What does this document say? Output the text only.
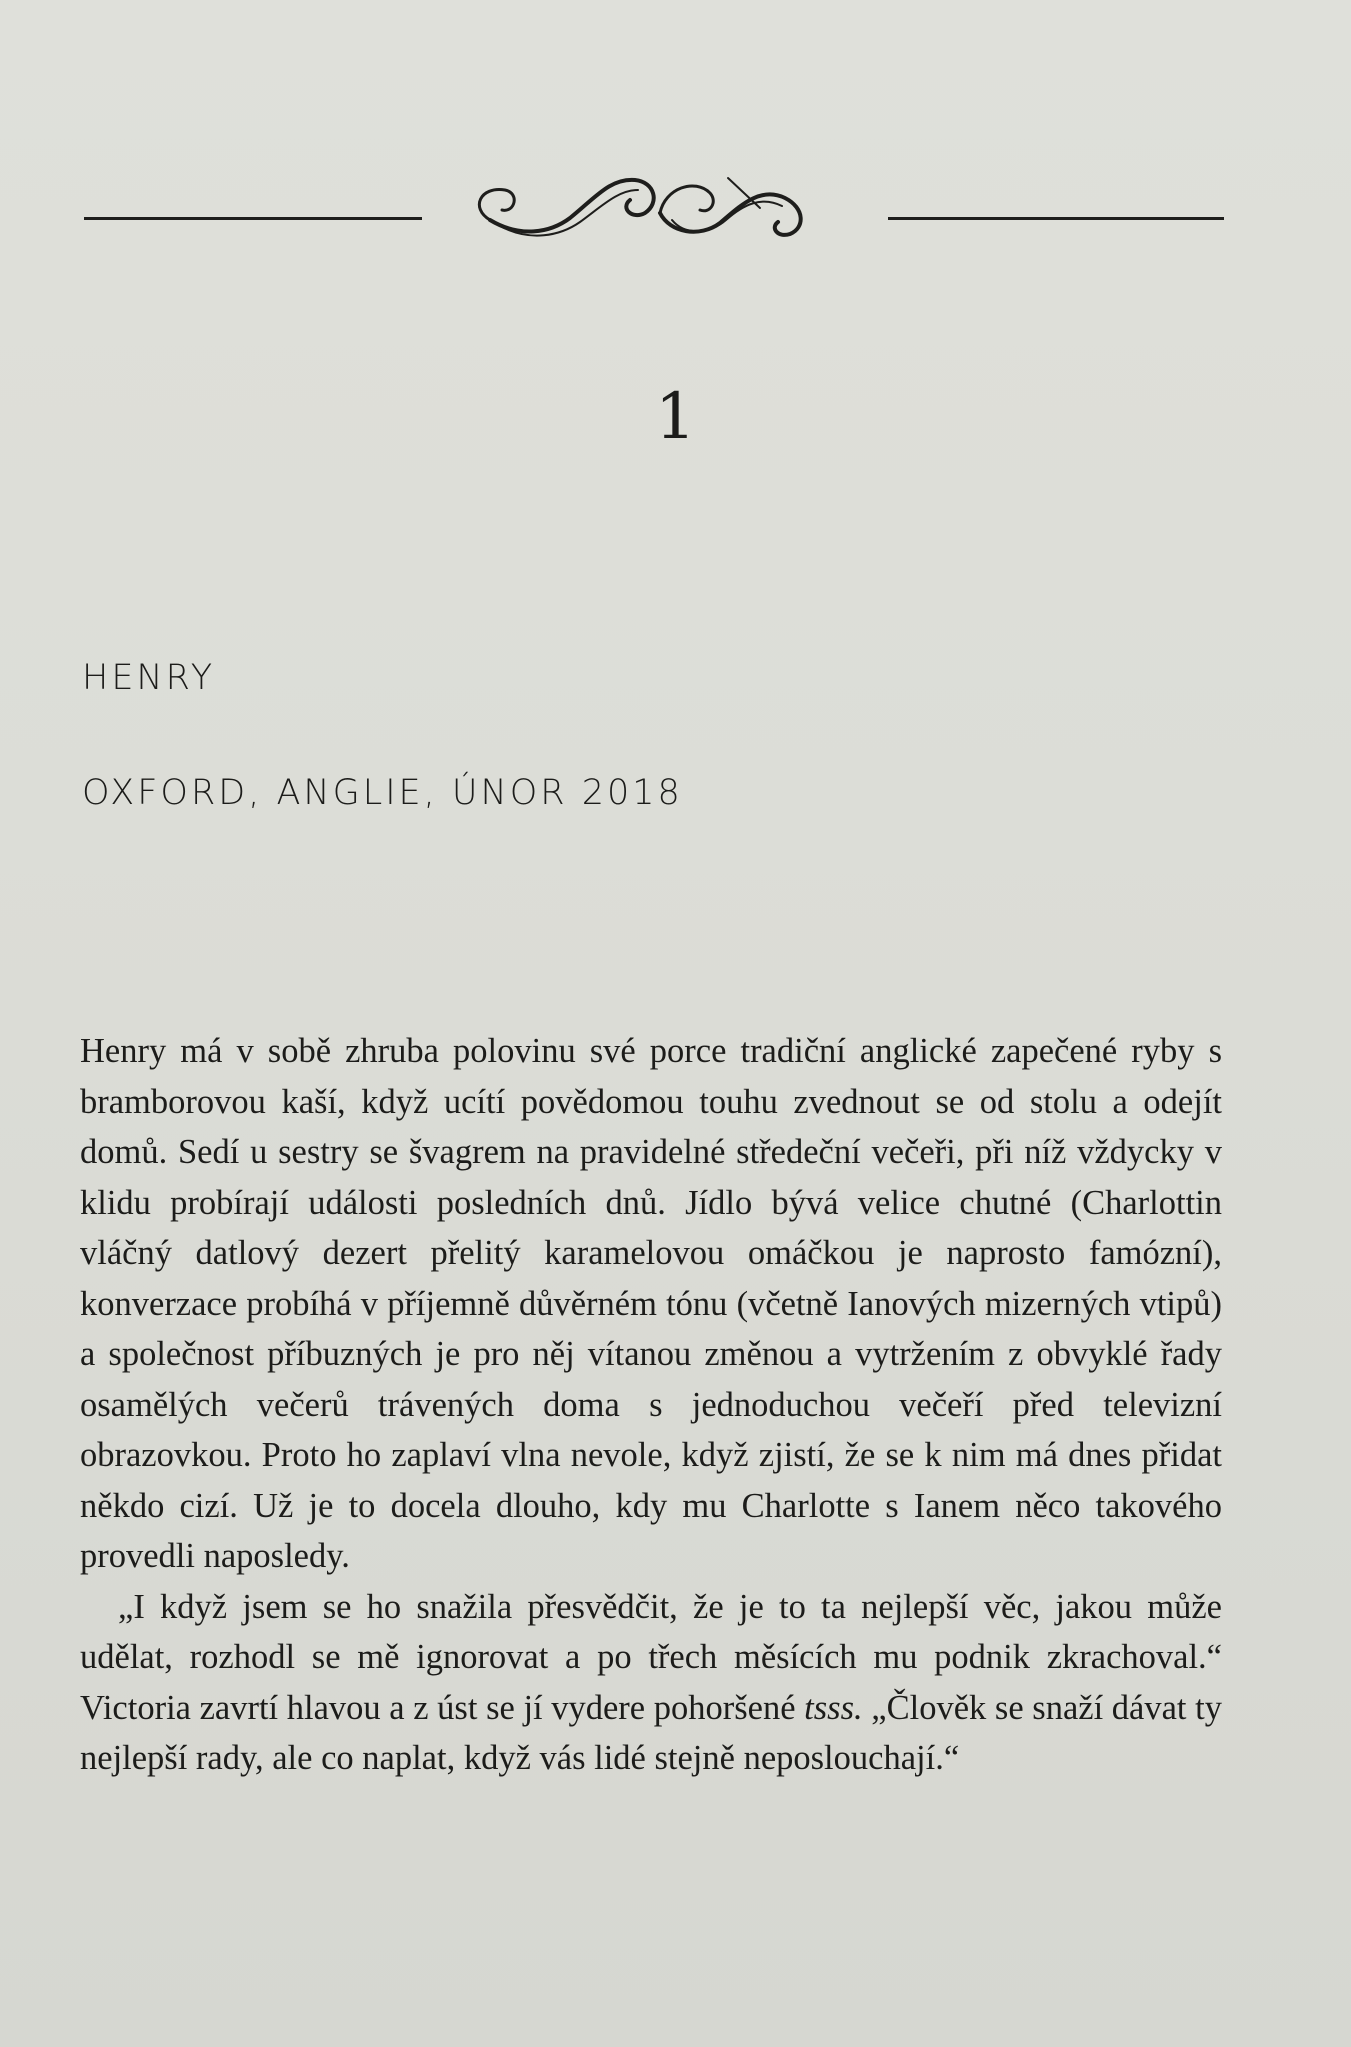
1
HENRY
OXFORD, ANGLIE, ÚNOR 2018

Henry má v sobě zhruba polovinu své porce tradiční anglické zapečené ryby s bramborovou kaší, když ucítí povědomou touhu zvednout se od stolu a odejít domů. Sedí u sestry se švagrem na pravidelné středeční večeři, při níž vždycky v klidu probírají události posledních dnů. Jídlo bývá velice chutné (Charlottin vláčný datlový dezert přelitý karamelovou omáčkou je naprosto famózní), konverzace probíhá v příjemně důvěrném tónu (včetně Ianových mizerných vtipů) a společnost příbuzných je pro něj vítanou změnou a vytržením z obvyklé řady osamělých večerů trávených doma s jednoduchou večeří před televizní obrazovkou. Proto ho zaplaví vlna nevole, když zjistí, že se k nim má dnes přidat někdo cizí. Už je to docela dlouho, kdy mu Charlotte s Ianem něco takového provedli naposledy.

„I když jsem se ho snažila přesvědčit, že je to ta nejlepší věc, jakou může udělat, rozhodl se mě ignorovat a po třech měsících mu podnik zkrachoval.“ Victoria zavrtí hlavou a z úst se jí vydere pohoršené tsss. „Člověk se snaží dávat ty nejlepší rady, ale co naplat, když vás lidé stejně neposlouchají.“
